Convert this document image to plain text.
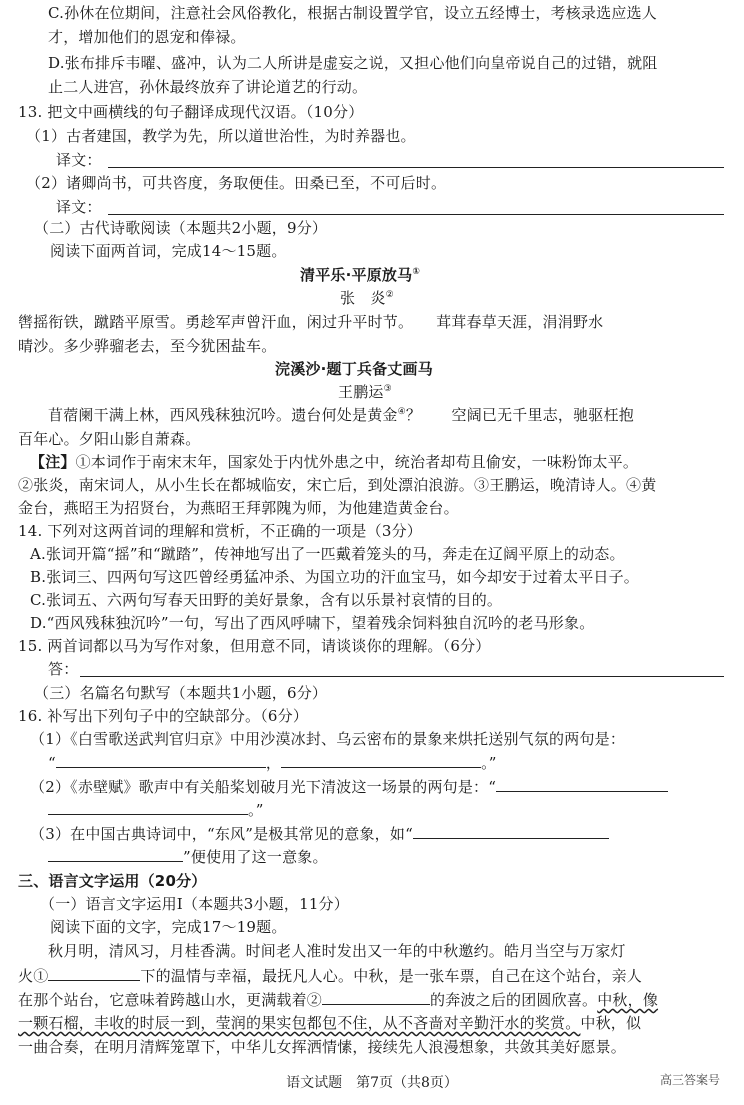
C.孙休在位期间，注意社会风俗教化，根据古制设置学官，设立五经博士，考核录选应选人
才，增加他们的恩宠和俸禄。
D.张布排斥韦曜、盛冲，认为二人所讲是虚妄之说，又担心他们向皇帝说自己的过错，就阻
止二人进宫，孙休最终放弃了讲论道艺的行动。
13. 把文中画横线的句子翻译成现代汉语。（10分）
（1）古者建国，教学为先，所以道世治性，为时养器也。
译文：
（2）诸卿尚书，可共咨度，务取便佳。田桑已至，不可后时。
译文：
（二）古代诗歌阅读（本题共2小题，9分）
阅读下面两首词，完成14～15题。
清平乐·平原放马①
张　炎②
辔摇衔铁，蹴踏平原雪。勇趁军声曾汗血，闲过升平时节。　　茸茸春草天涯，涓涓野水
晴沙。多少骅骝老去，至今犹困盐车。
浣溪沙·题丁兵备丈画马
王鹏运③
苜蓿阑干满上林，西风残秣独沉吟。遗台何处是黄金④？　　空阔已无千里志，驰驱枉抱
百年心。夕阳山影自萧森。
【注】①本词作于南宋末年，国家处于内忧外患之中，统治者却苟且偷安，一味粉饰太平。
②张炎，南宋词人，从小生长在都城临安，宋亡后，到处漂泊浪游。③王鹏运，晚清诗人。④黄
金台，燕昭王为招贤台，为燕昭王拜郭隗为师，为他建造黄金台。
14. 下列对这两首词的理解和赏析，不正确的一项是（3分）
A.张词开篇“摇”和“蹴踏”，传神地写出了一匹戴着笼头的马，奔走在辽阔平原上的动态。
B.张词三、四两句写这匹曾经勇猛冲杀、为国立功的汗血宝马，如今却安于过着太平日子。
C.张词五、六两句写春天田野的美好景象，含有以乐景衬哀情的目的。
D.“西风残秣独沉吟”一句，写出了西风呼啸下，望着残余饲料独自沉吟的老马形象。
15. 两首词都以马为写作对象，但用意不同，请谈谈你的理解。（6分）
答：
（三）名篇名句默写（本题共1小题，6分）
16. 补写出下列句子中的空缺部分。（6分）
（1）《白雪歌送武判官归京》中用沙漠冰封、乌云密布的景象来烘托送别气氛的两句是：
“	，	。”
（2）《赤壁赋》歌声中有关船桨划破月光下清波这一场景的两句是：“
。”
（3）在中国古典诗词中，“东风”是极其常见的意象，如“
”便使用了这一意象。
三、语言文字运用（20分）
（一）语言文字运用Ⅰ（本题共3小题，11分）
阅读下面的文字，完成17～19题。
秋月明，清风习，月桂香满。时间老人准时发出又一年的中秋邀约。皓月当空与万家灯
火①	下的温情与幸福，最抚凡人心。中秋，是一张车票，自己在这个站台，亲人
在那个站台，它意味着跨越山水，更满载着②	的奔波之后的团圆欣喜。中秋，像
一颗石榴，丰收的时辰一到，莹润的果实包都包不住，从不吝啬对辛勤汗水的奖赏。中秋，似
一曲合奏，在明月清辉笼罩下，中华儿女挥洒情愫，接续先人浪漫想象，共敛其美好愿景。
语文试题　第7页（共8页）	高三答案号
